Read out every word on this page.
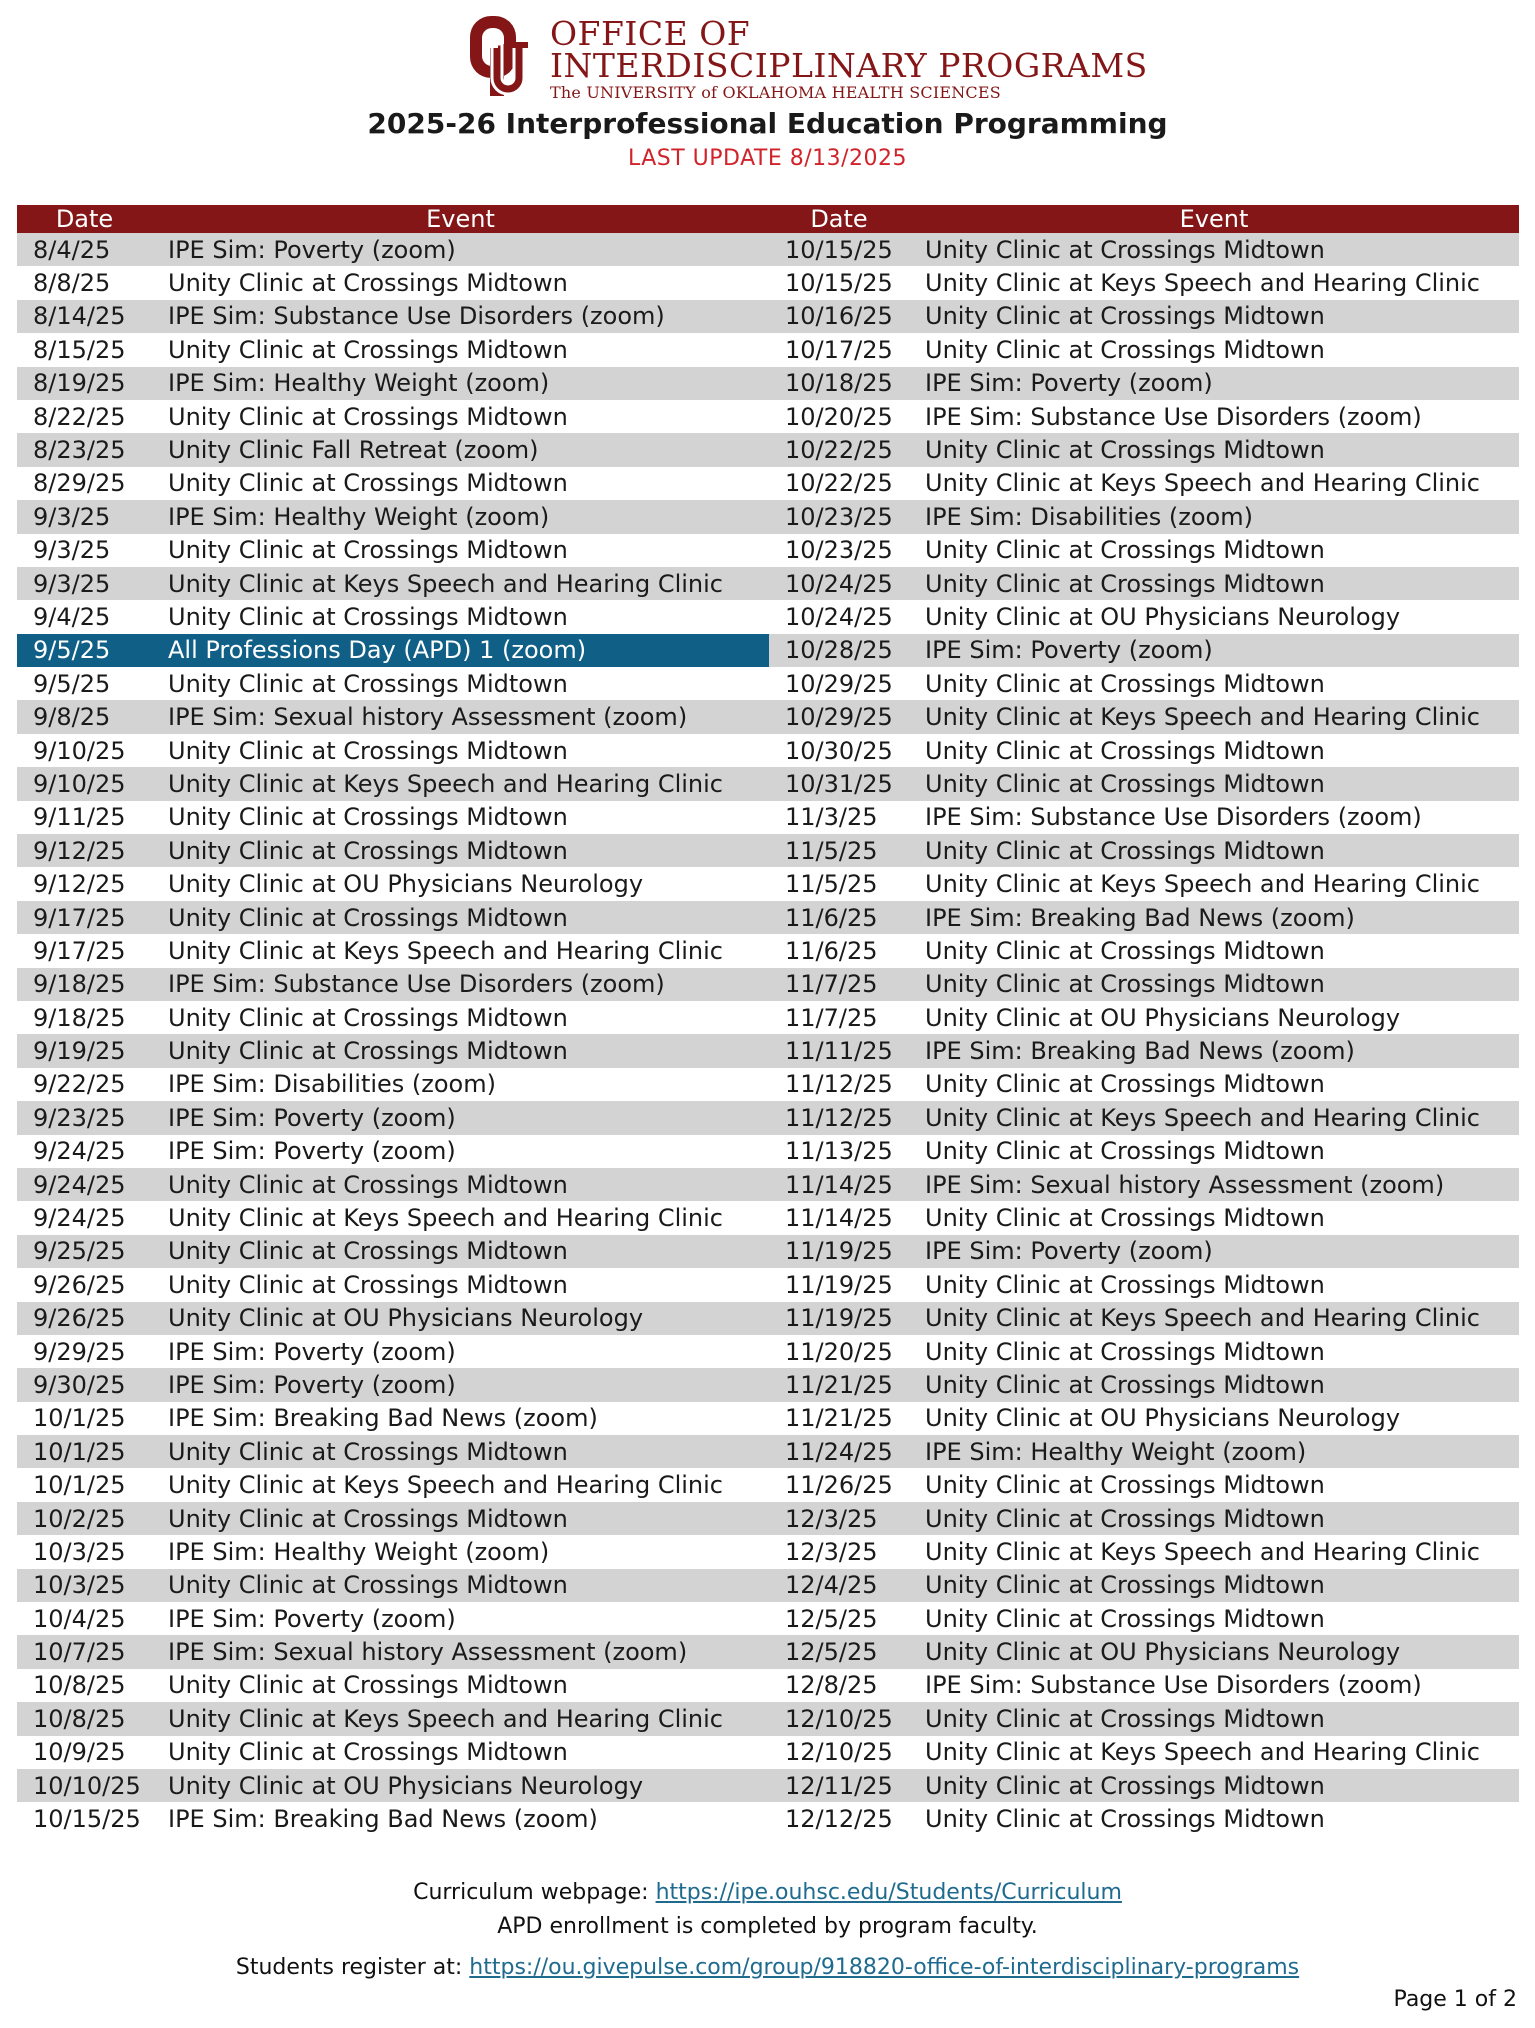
OFFICE OF
INTERDISCIPLINARY PROGRAMS
The UNIVERSITY of OKLAHOMA HEALTH SCIENCES
2025-26 Interprofessional Education Programming
LAST UPDATE 8/13/2025
Date	Event	Date	Event
8/4/25	IPE Sim: Poverty (zoom)	10/15/25	Unity Clinic at Crossings Midtown
8/8/25	Unity Clinic at Crossings Midtown	10/15/25	Unity Clinic at Keys Speech and Hearing Clinic
8/14/25	IPE Sim: Substance Use Disorders (zoom)	10/16/25	Unity Clinic at Crossings Midtown
8/15/25	Unity Clinic at Crossings Midtown	10/17/25	Unity Clinic at Crossings Midtown
8/19/25	IPE Sim: Healthy Weight (zoom)	10/18/25	IPE Sim: Poverty (zoom)
8/22/25	Unity Clinic at Crossings Midtown	10/20/25	IPE Sim: Substance Use Disorders (zoom)
8/23/25	Unity Clinic Fall Retreat (zoom)	10/22/25	Unity Clinic at Crossings Midtown
8/29/25	Unity Clinic at Crossings Midtown	10/22/25	Unity Clinic at Keys Speech and Hearing Clinic
9/3/25	IPE Sim: Healthy Weight (zoom)	10/23/25	IPE Sim: Disabilities (zoom)
9/3/25	Unity Clinic at Crossings Midtown	10/23/25	Unity Clinic at Crossings Midtown
9/3/25	Unity Clinic at Keys Speech and Hearing Clinic	10/24/25	Unity Clinic at Crossings Midtown
9/4/25	Unity Clinic at Crossings Midtown	10/24/25	Unity Clinic at OU Physicians Neurology
9/5/25	All Professions Day (APD) 1 (zoom)	10/28/25	IPE Sim: Poverty (zoom)
9/5/25	Unity Clinic at Crossings Midtown	10/29/25	Unity Clinic at Crossings Midtown
9/8/25	IPE Sim: Sexual history Assessment (zoom)	10/29/25	Unity Clinic at Keys Speech and Hearing Clinic
9/10/25	Unity Clinic at Crossings Midtown	10/30/25	Unity Clinic at Crossings Midtown
9/10/25	Unity Clinic at Keys Speech and Hearing Clinic	10/31/25	Unity Clinic at Crossings Midtown
9/11/25	Unity Clinic at Crossings Midtown	11/3/25	IPE Sim: Substance Use Disorders (zoom)
9/12/25	Unity Clinic at Crossings Midtown	11/5/25	Unity Clinic at Crossings Midtown
9/12/25	Unity Clinic at OU Physicians Neurology	11/5/25	Unity Clinic at Keys Speech and Hearing Clinic
9/17/25	Unity Clinic at Crossings Midtown	11/6/25	IPE Sim: Breaking Bad News (zoom)
9/17/25	Unity Clinic at Keys Speech and Hearing Clinic	11/6/25	Unity Clinic at Crossings Midtown
9/18/25	IPE Sim: Substance Use Disorders (zoom)	11/7/25	Unity Clinic at Crossings Midtown
9/18/25	Unity Clinic at Crossings Midtown	11/7/25	Unity Clinic at OU Physicians Neurology
9/19/25	Unity Clinic at Crossings Midtown	11/11/25	IPE Sim: Breaking Bad News (zoom)
9/22/25	IPE Sim: Disabilities (zoom)	11/12/25	Unity Clinic at Crossings Midtown
9/23/25	IPE Sim: Poverty (zoom)	11/12/25	Unity Clinic at Keys Speech and Hearing Clinic
9/24/25	IPE Sim: Poverty (zoom)	11/13/25	Unity Clinic at Crossings Midtown
9/24/25	Unity Clinic at Crossings Midtown	11/14/25	IPE Sim: Sexual history Assessment (zoom)
9/24/25	Unity Clinic at Keys Speech and Hearing Clinic	11/14/25	Unity Clinic at Crossings Midtown
9/25/25	Unity Clinic at Crossings Midtown	11/19/25	IPE Sim: Poverty (zoom)
9/26/25	Unity Clinic at Crossings Midtown	11/19/25	Unity Clinic at Crossings Midtown
9/26/25	Unity Clinic at OU Physicians Neurology	11/19/25	Unity Clinic at Keys Speech and Hearing Clinic
9/29/25	IPE Sim: Poverty (zoom)	11/20/25	Unity Clinic at Crossings Midtown
9/30/25	IPE Sim: Poverty (zoom)	11/21/25	Unity Clinic at Crossings Midtown
10/1/25	IPE Sim: Breaking Bad News (zoom)	11/21/25	Unity Clinic at OU Physicians Neurology
10/1/25	Unity Clinic at Crossings Midtown	11/24/25	IPE Sim: Healthy Weight (zoom)
10/1/25	Unity Clinic at Keys Speech and Hearing Clinic	11/26/25	Unity Clinic at Crossings Midtown
10/2/25	Unity Clinic at Crossings Midtown	12/3/25	Unity Clinic at Crossings Midtown
10/3/25	IPE Sim: Healthy Weight (zoom)	12/3/25	Unity Clinic at Keys Speech and Hearing Clinic
10/3/25	Unity Clinic at Crossings Midtown	12/4/25	Unity Clinic at Crossings Midtown
10/4/25	IPE Sim: Poverty (zoom)	12/5/25	Unity Clinic at Crossings Midtown
10/7/25	IPE Sim: Sexual history Assessment (zoom)	12/5/25	Unity Clinic at OU Physicians Neurology
10/8/25	Unity Clinic at Crossings Midtown	12/8/25	IPE Sim: Substance Use Disorders (zoom)
10/8/25	Unity Clinic at Keys Speech and Hearing Clinic	12/10/25	Unity Clinic at Crossings Midtown
10/9/25	Unity Clinic at Crossings Midtown	12/10/25	Unity Clinic at Keys Speech and Hearing Clinic
10/10/25	Unity Clinic at OU Physicians Neurology	12/11/25	Unity Clinic at Crossings Midtown
10/15/25	IPE Sim: Breaking Bad News (zoom)	12/12/25	Unity Clinic at Crossings Midtown
Curriculum webpage: https://ipe.ouhsc.edu/Students/Curriculum
APD enrollment is completed by program faculty.
Students register at: https://ou.givepulse.com/group/918820-office-of-interdisciplinary-programs
Page 1 of 2
